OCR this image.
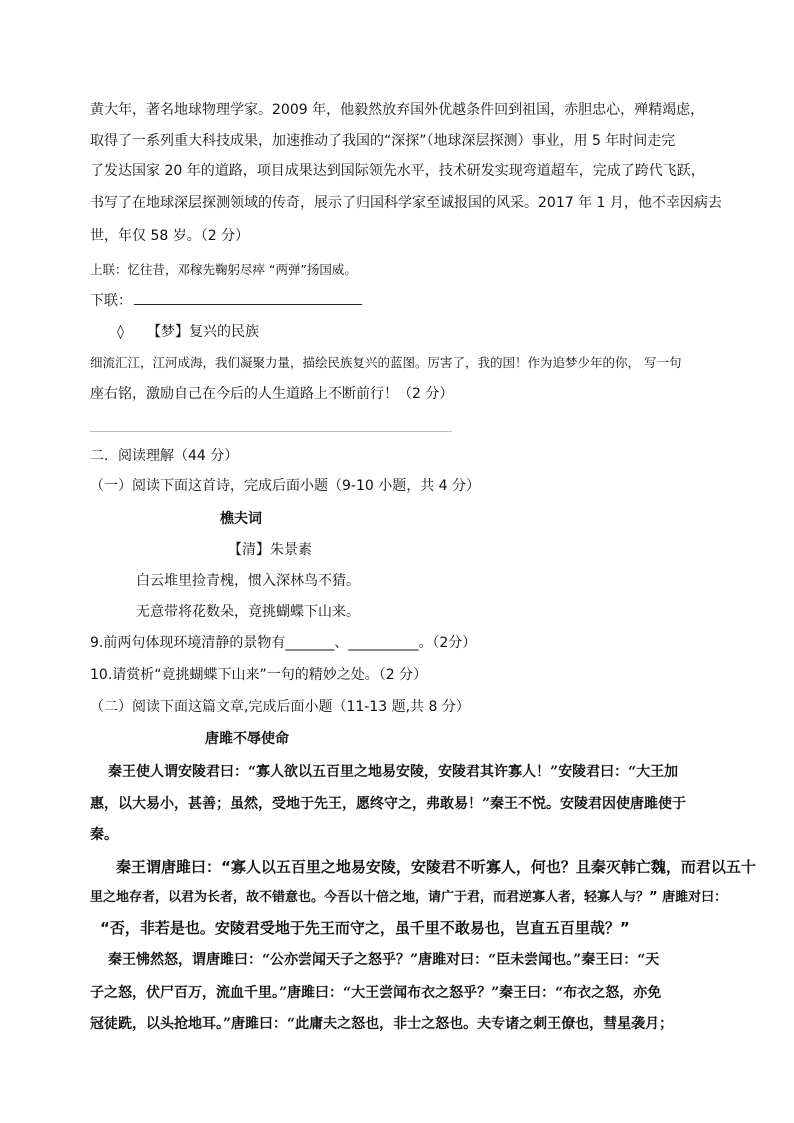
黄大年，著名地球物理学家。2009 年，他毅然放弃国外优越条件回到祖国，赤胆忠心，殚精竭虑，
取得了一系列重大科技成果，加速推动了我国的“深探”（地球深层探测）事业，用 5 年时间走完
了发达国家 20 年的道路，项目成果达到国际领先水平，技术研发实现弯道超车，完成了跨代飞跃，
书写了在地球深层探测领域的传奇，展示了归国科学家至诚报国的风采。2017 年 1 月，他不幸因病去
世，年仅 58 岁。（2 分）
上联：忆往昔，邓稼先鞠躬尽瘁 “两弹”扬国威。
下联：
◊ 【梦】复兴的民族
细流汇江，江河成海，我们凝聚力量，描绘民族复兴的蓝图。厉害了，我的国！作为追梦少年的你， 写一句
座右铭，激励自己在今后的人生道路上不断前行！（2 分）
二．阅读理解（44 分）
（一）阅读下面这首诗，完成后面小题（9-10 小题，共 4 分）
樵夫词
【清】朱景素
白云堆里捡青槐，惯入深林鸟不猜。
无意带将花数朵，竟挑蝴蝶下山来。
9.前两句体现环境清静的景物有_______、__________。（2分）
10.请赏析“竟挑蝴蝶下山来”一句的精妙之处。（2 分）
（二）阅读下面这篇文章,完成后面小题（11-13 题,共 8 分）
唐雎不辱使命
秦王使人谓安陵君曰：“寡人欲以五百里之地易安陵，安陵君其许寡人！”安陵君曰：“大王加
惠，以大易小，甚善；虽然，受地于先王，愿终守之，弗敢易！”秦王不悦。安陵君因使唐雎使于
秦。
秦王谓唐雎曰：“寡人以五百里之地易安陵，安陵君不听寡人，何也？且秦灭韩亡魏，而君以五十
里之地存者，以君为长者，故不错意也。今吾以十倍之地，请广于君，而君逆寡人者，轻寡人与？” 唐雎对曰：
“否，非若是也。安陵君受地于先王而守之，虽千里不敢易也，岂直五百里哉？”
秦王怫然怒，谓唐雎曰：“公亦尝闻天子之怒乎？”唐雎对曰：“臣未尝闻也。”秦王曰：“天
子之怒，伏尸百万，流血千里。”唐雎曰：“大王尝闻布衣之怒乎？”秦王曰：“布衣之怒，亦免
冠徒跣，以头抢地耳。”唐雎曰：“此庸夫之怒也，非士之怒也。夫专诸之刺王僚也，彗星袭月；
